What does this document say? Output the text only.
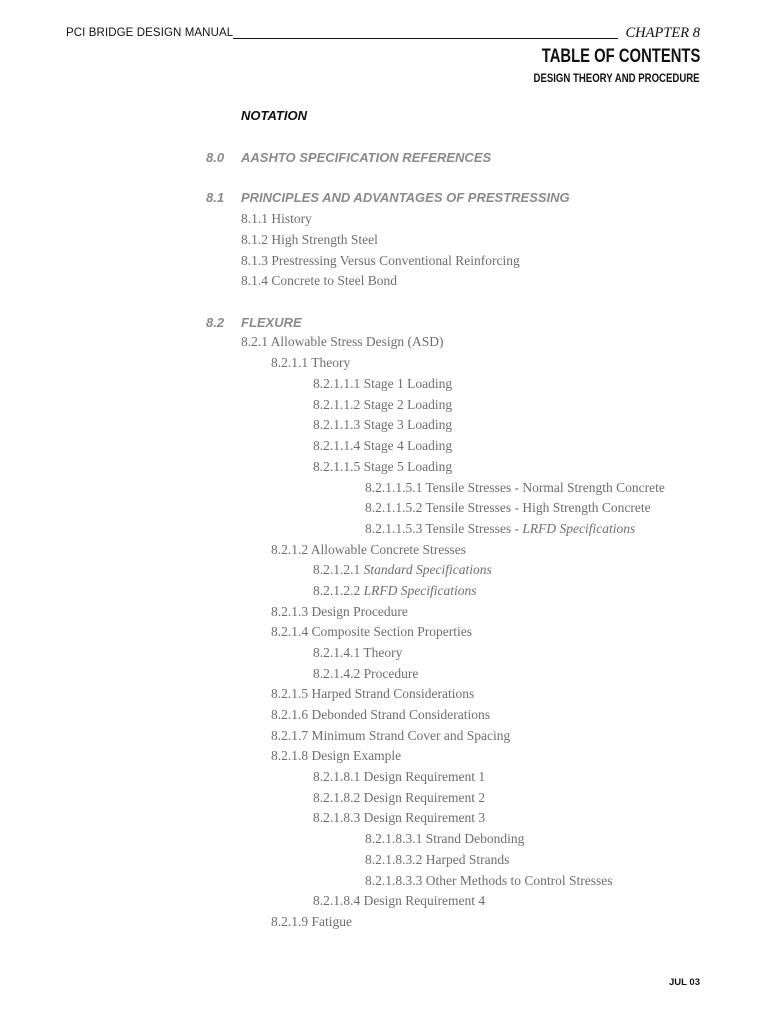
PCI BRIDGE DESIGN MANUAL	CHAPTER 8
TABLE OF CONTENTS
DESIGN THEORY AND PROCEDURE
NOTATION
8.0 AASHTO SPECIFICATION REFERENCES
8.1 PRINCIPLES AND ADVANTAGES OF PRESTRESSING
8.1.1 History
8.1.2 High Strength Steel
8.1.3 Prestressing Versus Conventional Reinforcing
8.1.4 Concrete to Steel Bond
8.2 FLEXURE
8.2.1 Allowable Stress Design (ASD)
8.2.1.1 Theory
8.2.1.1.1 Stage 1 Loading
8.2.1.1.2 Stage 2 Loading
8.2.1.1.3 Stage 3 Loading
8.2.1.1.4 Stage 4 Loading
8.2.1.1.5 Stage 5 Loading
8.2.1.1.5.1 Tensile Stresses - Normal Strength Concrete
8.2.1.1.5.2 Tensile Stresses - High Strength Concrete
8.2.1.1.5.3 Tensile Stresses - LRFD Specifications
8.2.1.2 Allowable Concrete Stresses
8.2.1.2.1 Standard Specifications
8.2.1.2.2 LRFD Specifications
8.2.1.3 Design Procedure
8.2.1.4 Composite Section Properties
8.2.1.4.1 Theory
8.2.1.4.2 Procedure
8.2.1.5 Harped Strand Considerations
8.2.1.6 Debonded Strand Considerations
8.2.1.7 Minimum Strand Cover and Spacing
8.2.1.8 Design Example
8.2.1.8.1 Design Requirement 1
8.2.1.8.2 Design Requirement 2
8.2.1.8.3 Design Requirement 3
8.2.1.8.3.1 Strand Debonding
8.2.1.8.3.2 Harped Strands
8.2.1.8.3.3 Other Methods to Control Stresses
8.2.1.8.4 Design Requirement 4
8.2.1.9 Fatigue
JUL 03
